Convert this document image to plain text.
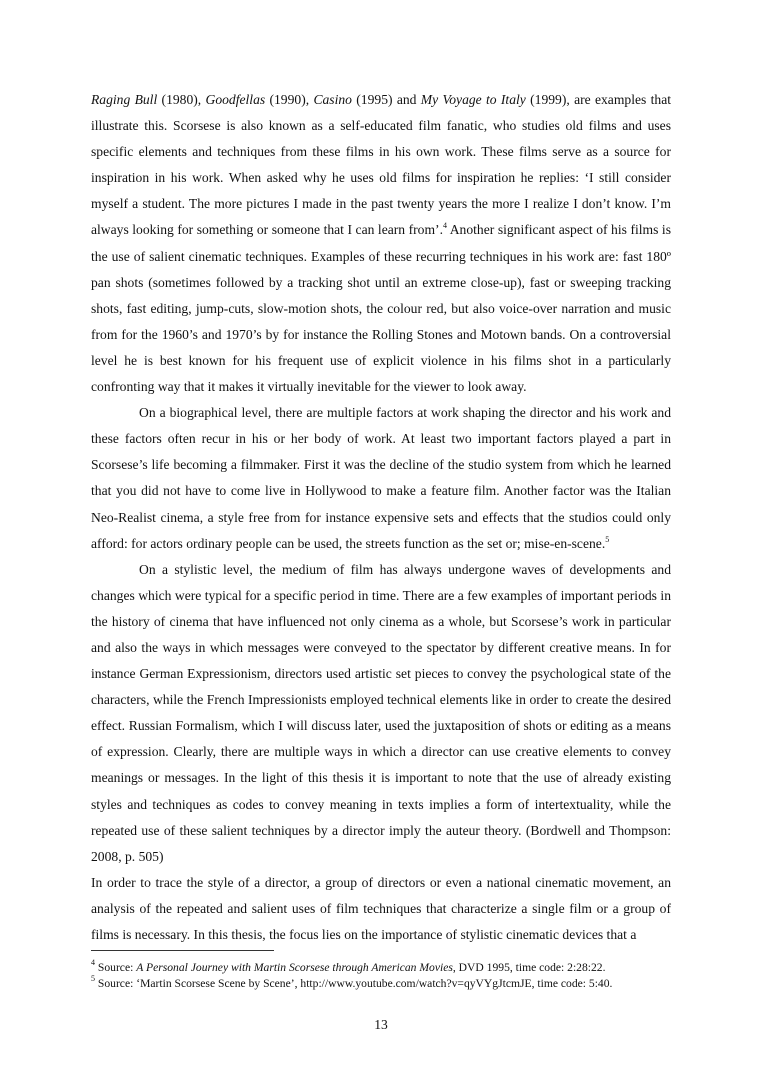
Raging Bull (1980), Goodfellas (1990), Casino (1995) and My Voyage to Italy (1999), are examples that illustrate this. Scorsese is also known as a self-educated film fanatic, who studies old films and uses specific elements and techniques from these films in his own work. These films serve as a source for inspiration in his work. When asked why he uses old films for inspiration he replies: ‘I still consider myself a student. The more pictures I made in the past twenty years the more I realize I don’t know. I’m always looking for something or someone that I can learn from’.$^4$ Another significant aspect of his films is the use of salient cinematic techniques. Examples of these recurring techniques in his work are: fast 180º pan shots (sometimes followed by a tracking shot until an extreme close-up), fast or sweeping tracking shots, fast editing, jump-cuts, slow-motion shots, the colour red, but also voice-over narration and music from for the 1960’s and 1970’s by for instance the Rolling Stones and Motown bands. On a controversial level he is best known for his frequent use of explicit violence in his films shot in a particularly confronting way that it makes it virtually inevitable for the viewer to look away.

On a biographical level, there are multiple factors at work shaping the director and his work and these factors often recur in his or her body of work. At least two important factors played a part in Scorsese’s life becoming a filmmaker. First it was the decline of the studio system from which he learned that you did not have to come live in Hollywood to make a feature film. Another factor was the Italian Neo-Realist cinema, a style free from for instance expensive sets and effects that the studios could only afford: for actors ordinary people can be used, the streets function as the set or; mise-en-scene.$^5$

On a stylistic level, the medium of film has always undergone waves of developments and changes which were typical for a specific period in time. There are a few examples of important periods in the history of cinema that have influenced not only cinema as a whole, but Scorsese’s work in particular and also the ways in which messages were conveyed to the spectator by different creative means. In for instance German Expressionism, directors used artistic set pieces to convey the psychological state of the characters, while the French Impressionists employed technical elements like in order to create the desired effect. Russian Formalism, which I will discuss later, used the juxtaposition of shots or editing as a means of expression. Clearly, there are multiple ways in which a director can use creative elements to convey meanings or messages. In the light of this thesis it is important to note that the use of already existing styles and techniques as codes to convey meaning in texts implies a form of intertextuality, while the repeated use of these salient techniques by a director imply the auteur theory. (Bordwell and Thompson: 2008, p. 505)

In order to trace the style of a director, a group of directors or even a national cinematic movement, an analysis of the repeated and salient uses of film techniques that characterize a single film or a group of films is necessary. In this thesis, the focus lies on the importance of stylistic cinematic devices that a

$^4$ Source: A Personal Journey with Martin Scorsese through American Movies, DVD 1995, time code: 2:28:22.
$^5$ Source: ‘Martin Scorsese Scene by Scene’, http://www.youtube.com/watch?v=qyVYgJtcmJE, time code: 5:40.
13
